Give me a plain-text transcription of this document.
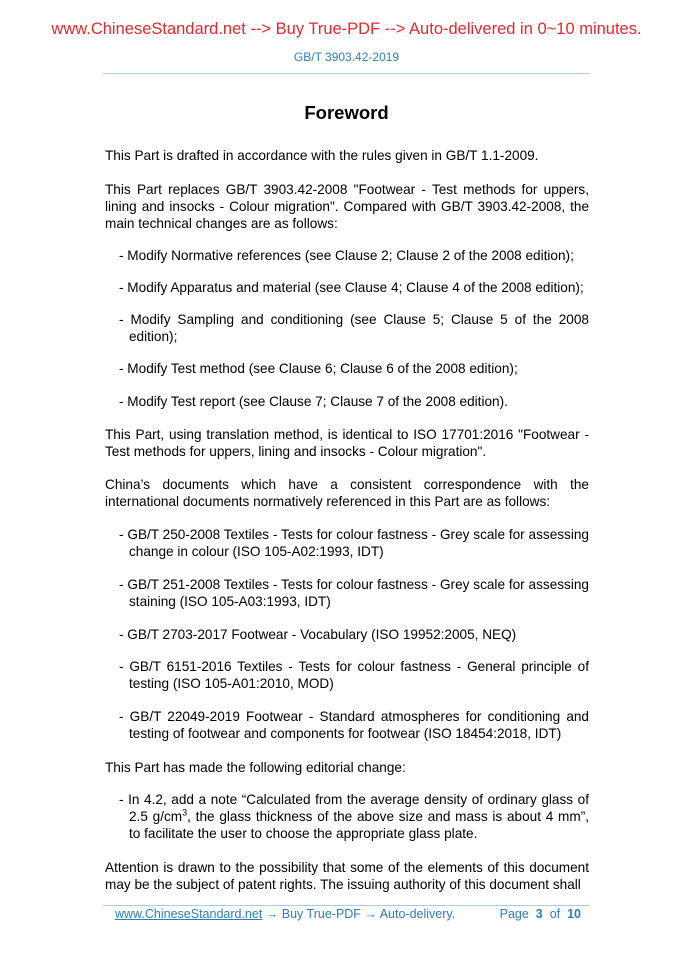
www.ChineseStandard.net --> Buy True-PDF --> Auto-delivered in 0~10 minutes.
GB/T 3903.42-2019
Foreword
This Part is drafted in accordance with the rules given in GB/T 1.1-2009.
This Part replaces GB/T 3903.42-2008 "Footwear - Test methods for uppers, lining and insocks - Colour migration". Compared with GB/T 3903.42-2008, the main technical changes are as follows:
- Modify Normative references (see Clause 2; Clause 2 of the 2008 edition);
- Modify Apparatus and material (see Clause 4; Clause 4 of the 2008 edition);
- Modify Sampling and conditioning (see Clause 5; Clause 5 of the 2008 edition);
- Modify Test method (see Clause 6; Clause 6 of the 2008 edition);
- Modify Test report (see Clause 7; Clause 7 of the 2008 edition).
This Part, using translation method, is identical to ISO 17701:2016 "Footwear - Test methods for uppers, lining and insocks - Colour migration".
China’s documents which have a consistent correspondence with the international documents normatively referenced in this Part are as follows:
- GB/T 250-2008 Textiles - Tests for colour fastness - Grey scale for assessing change in colour (ISO 105-A02:1993, IDT)
- GB/T 251-2008 Textiles - Tests for colour fastness - Grey scale for assessing staining (ISO 105-A03:1993, IDT)
- GB/T 2703-2017 Footwear - Vocabulary (ISO 19952:2005, NEQ)
- GB/T 6151-2016 Textiles - Tests for colour fastness - General principle of testing (ISO 105-A01:2010, MOD)
- GB/T 22049-2019 Footwear - Standard atmospheres for conditioning and testing of footwear and components for footwear (ISO 18454:2018, IDT)
This Part has made the following editorial change:
- In 4.2, add a note “Calculated from the average density of ordinary glass of 2.5 $g/cm^3$, the glass thickness of the above size and mass is about 4 mm”, to facilitate the user to choose the appropriate glass plate.
Attention is drawn to the possibility that some of the elements of this document may be the subject of patent rights. The issuing authority of this document shall
www.ChineseStandard.net → Buy True-PDF → Auto-delivery.	Page 3 of 10
